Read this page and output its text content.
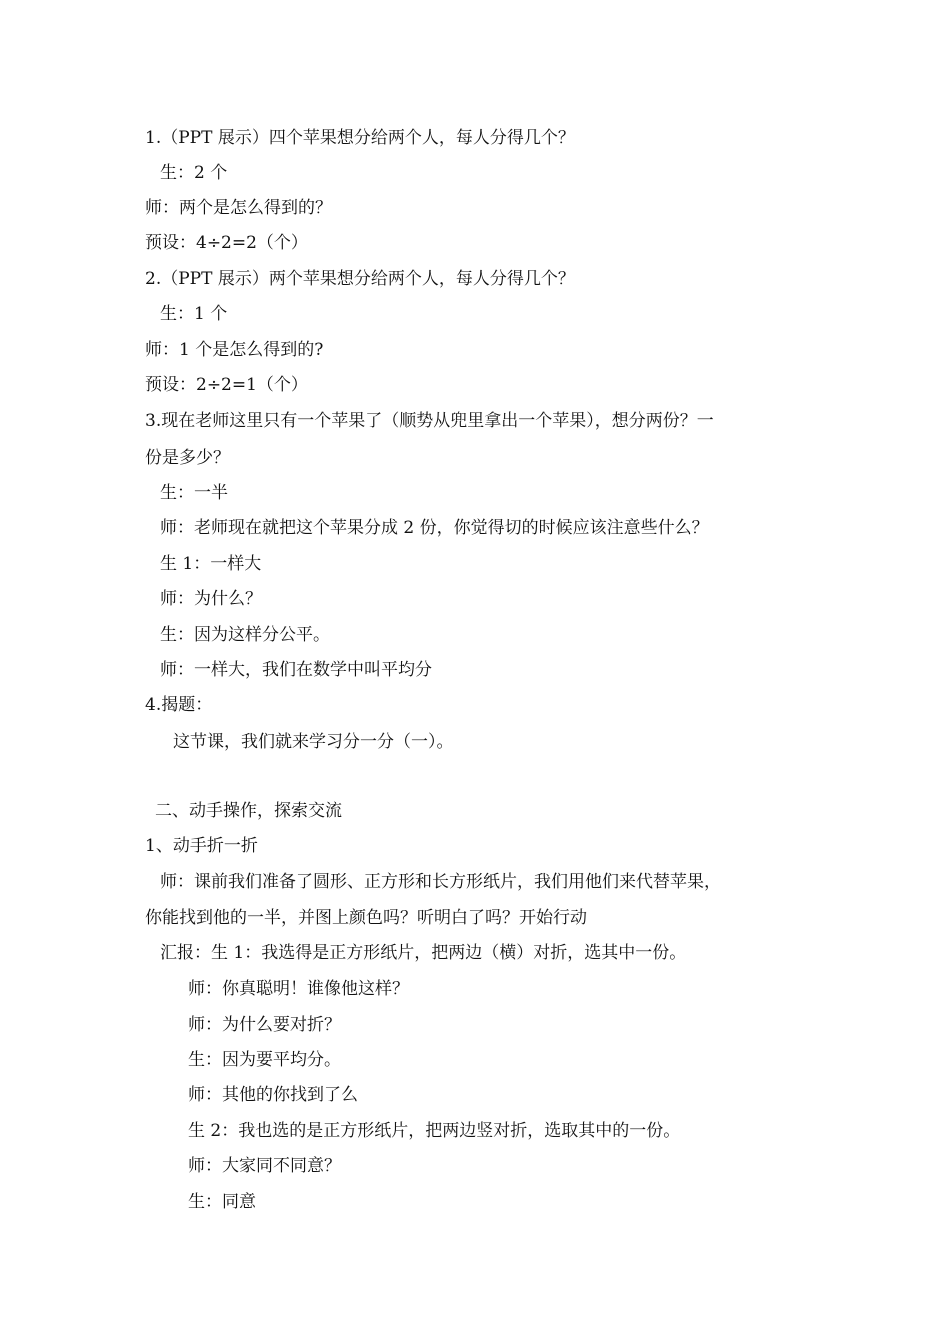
1.（PPT 展示）四个苹果想分给两个人，每人分得几个？
生：2 个
师：两个是怎么得到的？
预设：4÷2=2（个）
2.（PPT 展示）两个苹果想分给两个人，每人分得几个？
生：1 个
师：1 个是怎么得到的?
预设：2÷2=1（个）
3.现在老师这里只有一个苹果了（顺势从兜里拿出一个苹果），想分两份？一
份是多少？
生：一半
师：老师现在就把这个苹果分成 2 份，你觉得切的时候应该注意些什么？
生 1：一样大
师：为什么？
生：因为这样分公平。
师：一样大，我们在数学中叫平均分
4.揭题：
这节课，我们就来学习分一分（一）。
二、动手操作，探索交流
1、动手折一折
师：课前我们准备了圆形、正方形和长方形纸片，我们用他们来代替苹果，
你能找到他的一半，并图上颜色吗？听明白了吗？开始行动
汇报：生 1：我选得是正方形纸片，把两边（横）对折，选其中一份。
师：你真聪明！谁像他这样？
师：为什么要对折？
生：因为要平均分。
师：其他的你找到了么
生 2：我也选的是正方形纸片，把两边竖对折，选取其中的一份。
师：大家同不同意？
生：同意
